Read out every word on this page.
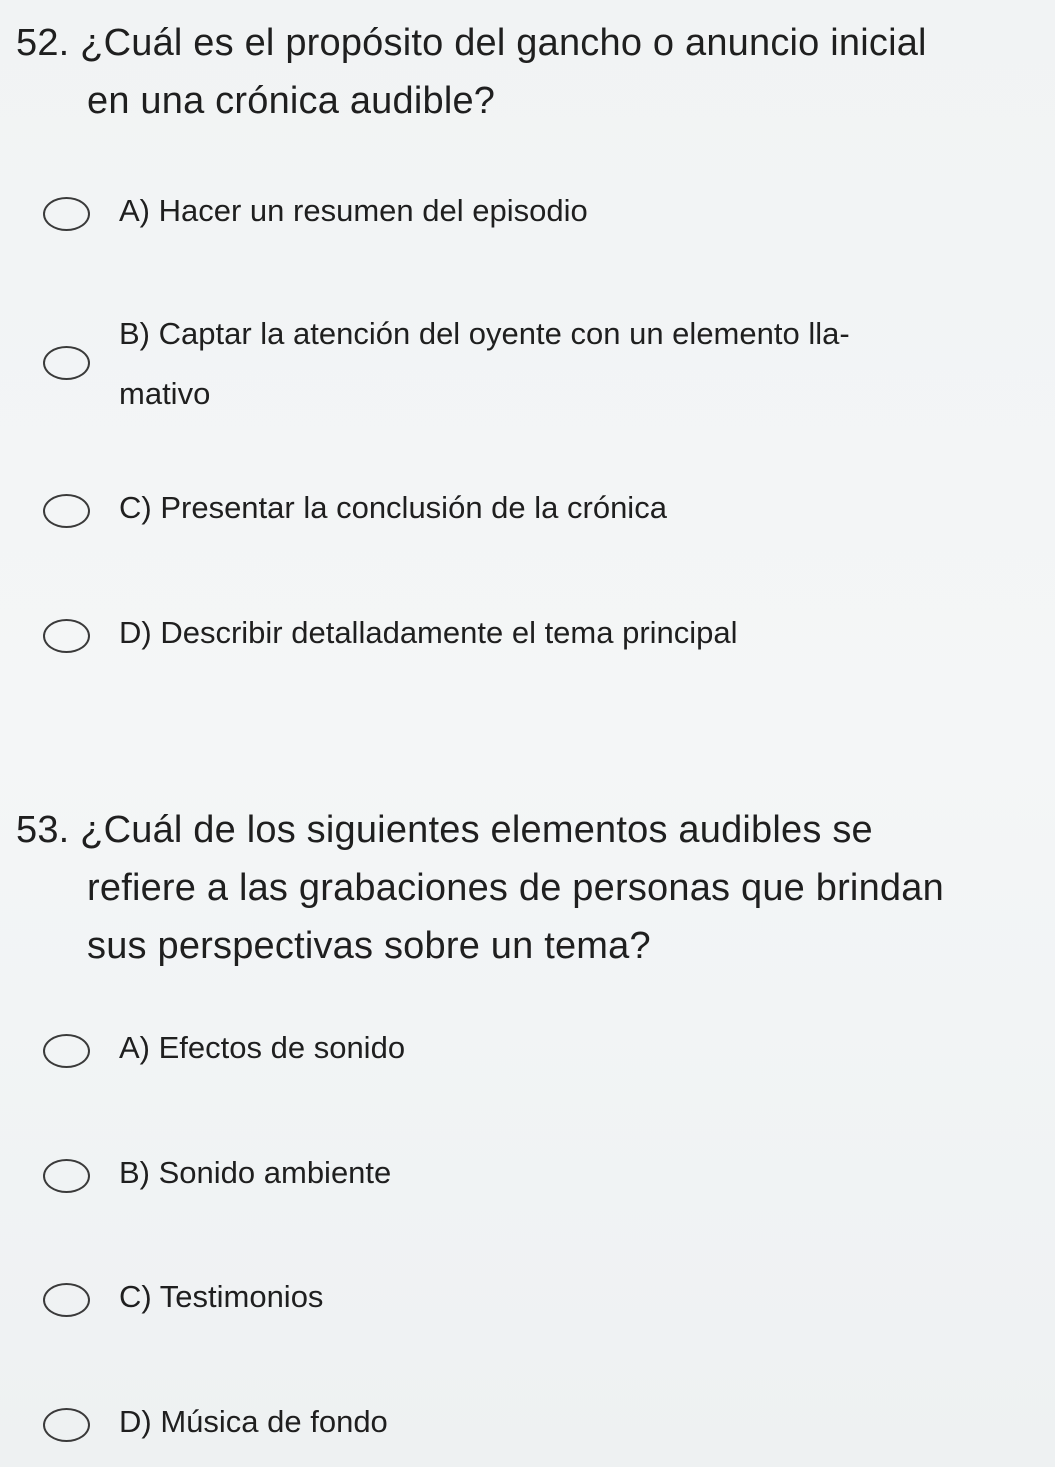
52. ¿Cuál es el propósito del gancho o anuncio inicial
en una crónica audible?
A) Hacer un resumen del episodio
B) Captar la atención del oyente con un elemento lla-
mativo
C) Presentar la conclusión de la crónica
D) Describir detalladamente el tema principal
53. ¿Cuál de los siguientes elementos audibles se
refiere a las grabaciones de personas que brindan
sus perspectivas sobre un tema?
A) Efectos de sonido
B) Sonido ambiente
C) Testimonios
D) Música de fondo
